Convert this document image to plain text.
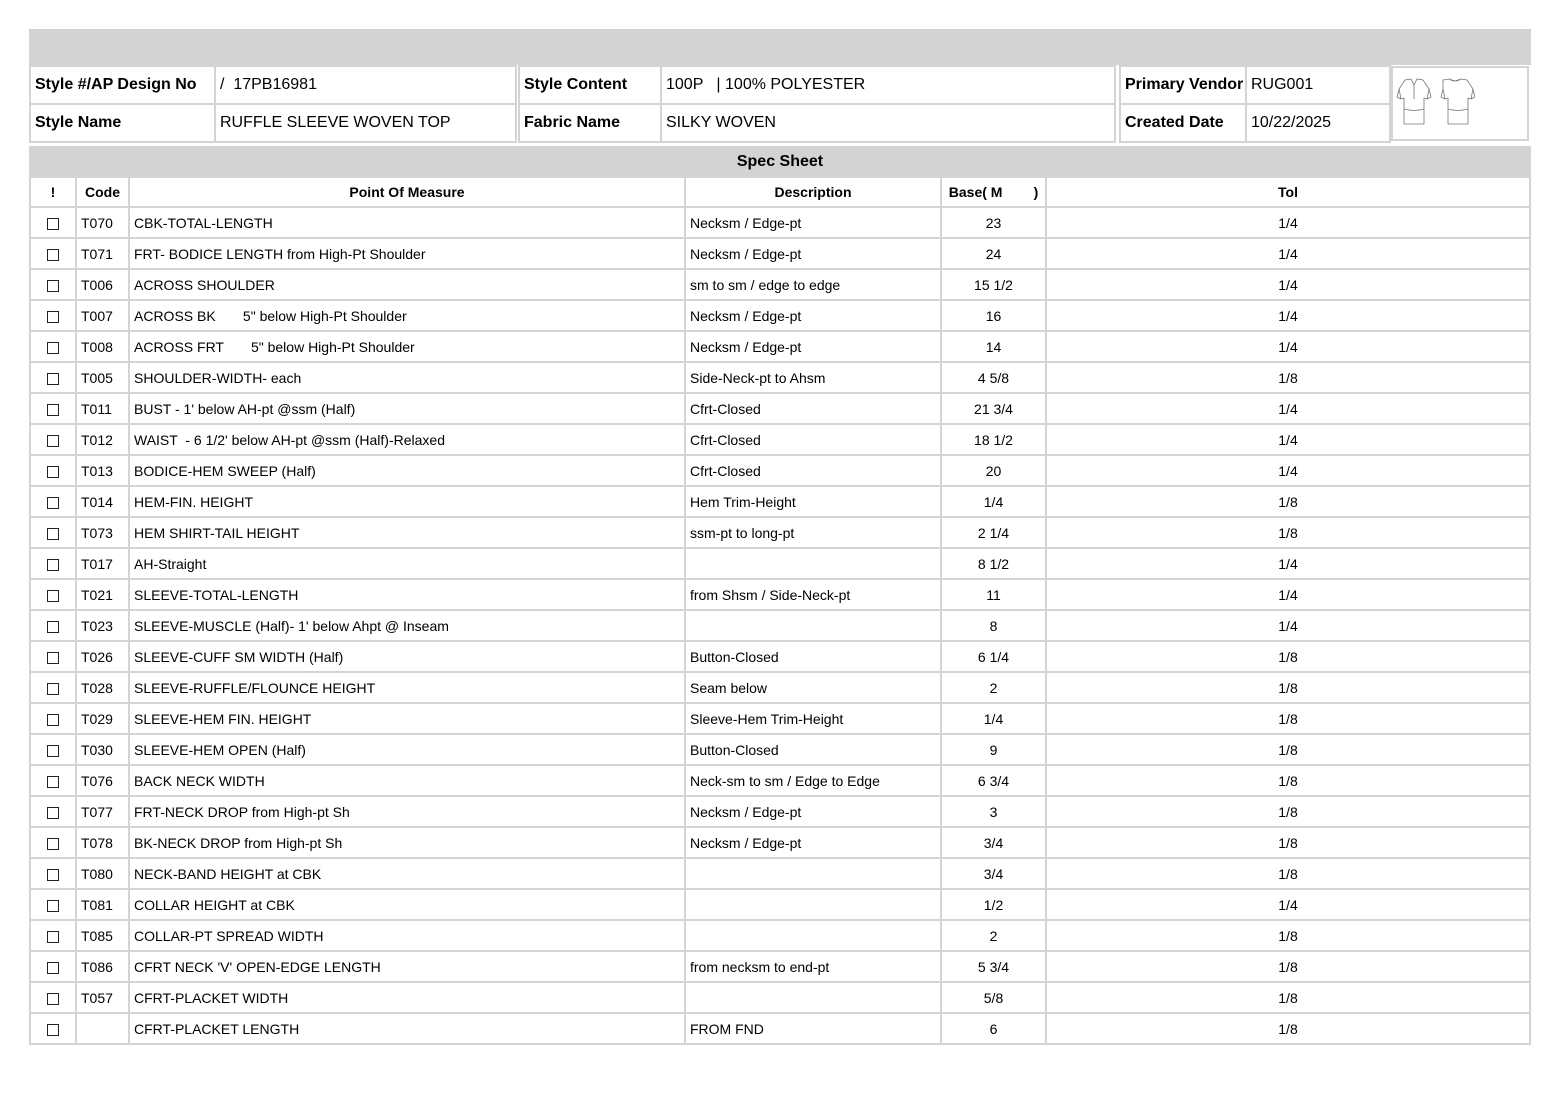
Style #/AP Design No	/  17PB16981
Style Name	RUFFLE SLEEVE WOVEN TOP
Style Content	100P   | 100% POLYESTER
Fabric Name	SILKY WOVEN
Primary Vendor	RUG001
Created Date	10/22/2025
Spec Sheet					
!	Code	Point Of Measure	Description	Base( M        )	Tol
	T070	CBK-TOTAL-LENGTH	Necksm / Edge-pt	23	1/4
	T071	FRT- BODICE LENGTH from High-Pt Shoulder	Necksm / Edge-pt	24	1/4
	T006	ACROSS SHOULDER	sm to sm / edge to edge	15 1/2	1/4
	T007	ACROSS BK       5" below High-Pt Shoulder	Necksm / Edge-pt	16	1/4
	T008	ACROSS FRT       5" below High-Pt Shoulder	Necksm / Edge-pt	14	1/4
	T005	SHOULDER-WIDTH- each	Side-Neck-pt to Ahsm	4 5/8	1/8
	T011	BUST - 1' below AH-pt @ssm (Half)	Cfrt-Closed	21 3/4	1/4
	T012	WAIST  - 6 1/2' below AH-pt @ssm (Half)-Relaxed	Cfrt-Closed	18 1/2	1/4
	T013	BODICE-HEM SWEEP (Half)	Cfrt-Closed	20	1/4
	T014	HEM-FIN. HEIGHT	Hem Trim-Height	1/4	1/8
	T073	HEM SHIRT-TAIL HEIGHT	ssm-pt to long-pt	2 1/4	1/8
	T017	AH-Straight		8 1/2	1/4
	T021	SLEEVE-TOTAL-LENGTH	from Shsm / Side-Neck-pt	11	1/4
	T023	SLEEVE-MUSCLE (Half)- 1' below Ahpt @ Inseam		8	1/4
	T026	SLEEVE-CUFF SM WIDTH (Half)	Button-Closed	6 1/4	1/8
	T028	SLEEVE-RUFFLE/FLOUNCE HEIGHT	Seam below	2	1/8
	T029	SLEEVE-HEM FIN. HEIGHT	Sleeve-Hem Trim-Height	1/4	1/8
	T030	SLEEVE-HEM OPEN (Half)	Button-Closed	9	1/8
	T076	BACK NECK WIDTH	Neck-sm to sm / Edge to Edge	6 3/4	1/8
	T077	FRT-NECK DROP from High-pt Sh	Necksm / Edge-pt	3	1/8
	T078	BK-NECK DROP from High-pt Sh	Necksm / Edge-pt	3/4	1/8
	T080	NECK-BAND HEIGHT at CBK		3/4	1/8
	T081	COLLAR HEIGHT at CBK		1/2	1/4
	T085	COLLAR-PT SPREAD WIDTH		2	1/8
	T086	CFRT NECK 'V' OPEN-EDGE LENGTH	from necksm to end-pt	5 3/4	1/8
	T057	CFRT-PLACKET WIDTH		5/8	1/8
		CFRT-PLACKET LENGTH	FROM FND	6	1/8
